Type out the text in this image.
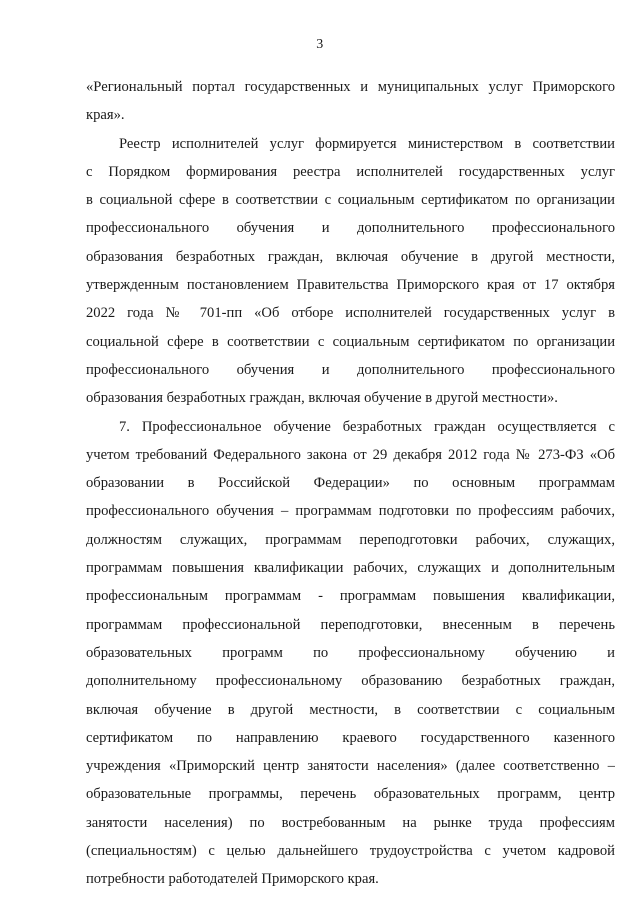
3
«Региональный портал государственных и муниципальных услуг Приморского
края».
Реестр исполнителей услуг формируется министерством в соответствии
с Порядком формирования реестра исполнителей государственных услуг
в социальной сфере в соответствии с социальным сертификатом по организации
профессионального обучения и дополнительного профессионального
образования безработных граждан, включая обучение в другой местности,
утвержденным постановлением Правительства Приморского края от 17 октября
2022 года № 701-пп «Об отборе исполнителей государственных услуг в
социальной сфере в соответствии с социальным сертификатом по организации
профессионального обучения и дополнительного профессионального
образования безработных граждан, включая обучение в другой местности».
7. Профессиональное обучение безработных граждан осуществляется с
учетом требований Федерального закона от 29 декабря 2012 года № 273-ФЗ «Об
образовании в Российской Федерации» по основным программам
профессионального обучения – программам подготовки по профессиям рабочих,
должностям служащих, программам переподготовки рабочих, служащих,
программам повышения квалификации рабочих, служащих и дополнительным
профессиональным программам - программам повышения квалификации,
программам профессиональной переподготовки, внесенным в перечень
образовательных программ по профессиональному обучению и
дополнительному профессиональному образованию безработных граждан,
включая обучение в другой местности, в соответствии с социальным
сертификатом по направлению краевого государственного казенного
учреждения «Приморский центр занятости населения» (далее соответственно –
образовательные программы, перечень образовательных программ, центр
занятости населения) по востребованным на рынке труда профессиям
(специальностям) с целью дальнейшего трудоустройства с учетом кадровой
потребности работодателей Приморского края.
